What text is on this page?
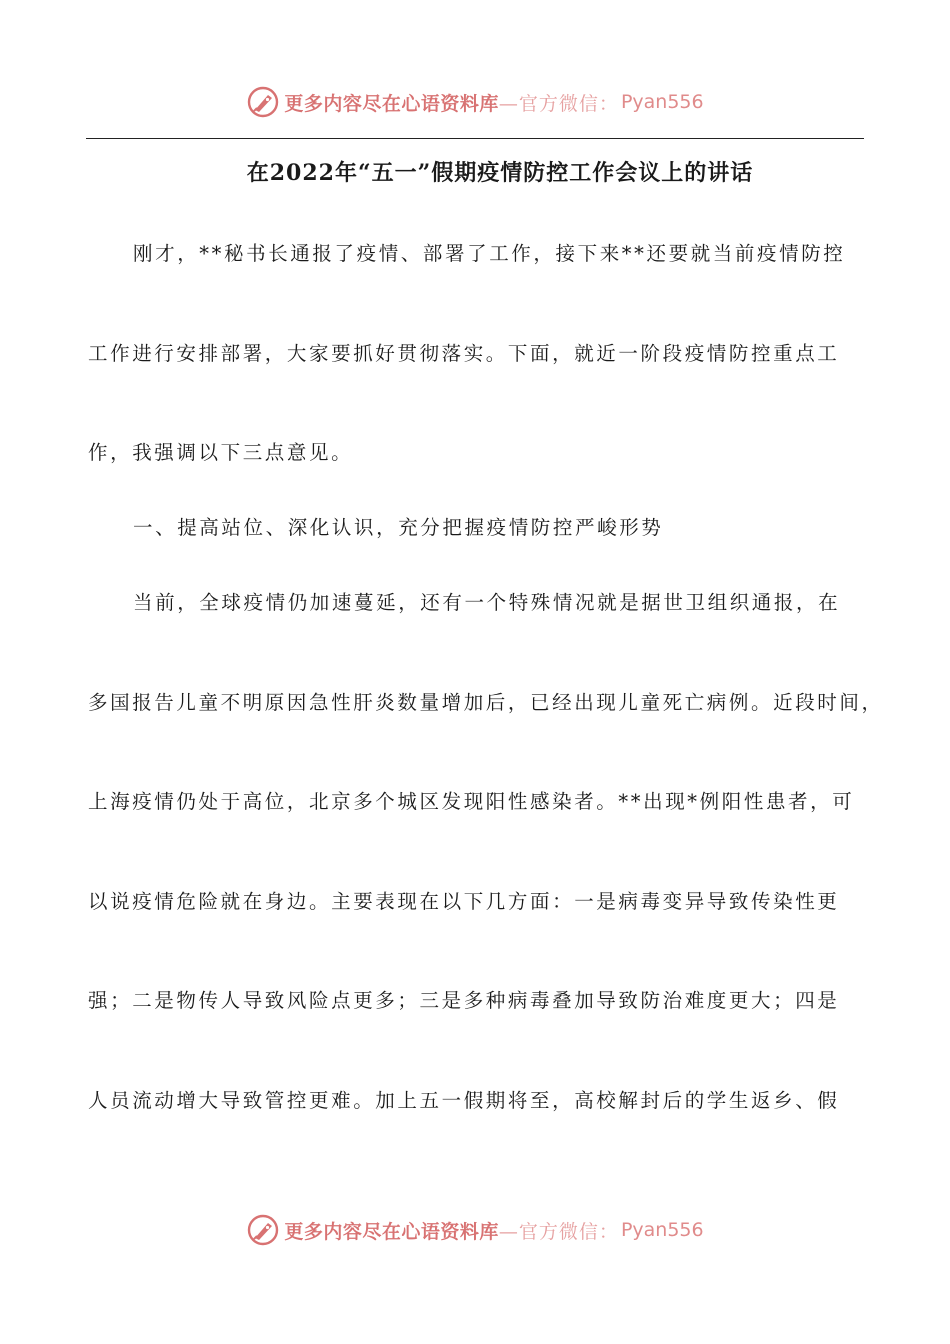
更多内容尽在心语资料库 —官方微信： Pyan556
在2022年“五一”假期疫情防控工作会议上的讲话
刚才，**秘书长通报了疫情、部署了工作，接下来**还要就当前疫情防控
工作进行安排部署，大家要抓好贯彻落实。下面，就近一阶段疫情防控重点工
作，我强调以下三点意见。
一、提高站位、深化认识，充分把握疫情防控严峻形势
当前，全球疫情仍加速蔓延，还有一个特殊情况就是据世卫组织通报，在
多国报告儿童不明原因急性肝炎数量增加后，已经出现儿童死亡病例。近段时间，
上海疫情仍处于高位，北京多个城区发现阳性感染者。**出现*例阳性患者，可
以说疫情危险就在身边。主要表现在以下几方面：一是病毒变异导致传染性更
强；二是物传人导致风险点更多；三是多种病毒叠加导致防治难度更大；四是
人员流动增大导致管控更难。加上五一假期将至，高校解封后的学生返乡、假
更多内容尽在心语资料库 —官方微信： Pyan556
